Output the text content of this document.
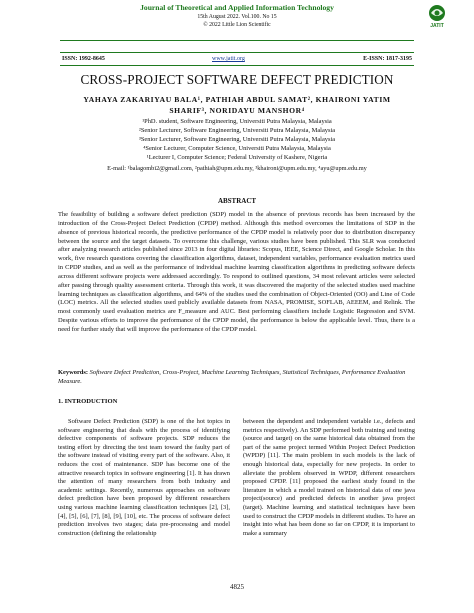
Journal of Theoretical and Applied Information Technology
15th August 2022. Vol.100. No 15
© 2022 Little Lion Scientific	JATIT
ISSN: 1992-8645	www.jatit.org	E-ISSN: 1817-3195
CROSS-PROJECT SOFTWARE DEFECT PREDICTION
YAHAYA ZAKARIYAU BALA¹, PATHIAH ABDUL SAMAT², KHAIRONI YATIM
SHARIF³, NORIDAYU MANSHOR⁴
¹PhD. student, Software Engineering, Universiti Putra Malaysia, Malaysia
²Senior Lecturer, Software Engineering, Universiti Putra Malaysia, Malaysia
³Senior Lecturer, Software Engineering, Universiti Putra Malaysia, Malaysia
⁴Senior Lecturer, Computer Science, Universiti Putra Malaysia, Malaysia
¹Lecturer I, Computer Science; Federal University of Kashere, Nigeria
E-mail: ¹balagombi2@gmail.com, ²pathiah@upm.edu.my, ³khaironi@upm.edu.my, ⁴ayu@upm.edu.my
ABSTRACT
The feasibility of building a software defect prediction (SDP) model in the absence of previous records has been increased by the introduction of the Cross-Project Defect Prediction (CPDP) method. Although this method overcomes the limitations of SDP in the absence of previous historical records, the predictive performance of the CPDP model is relatively poor due to distribution discrepancy between the source and the target datasets. To overcome this challenge, various studies have been published. This SLR was conducted after analyzing research articles published since 2013 in four digital libraries: Scopus, IEEE, Science Direct, and Google Scholar. In this work, five research questions covering the classification algorithms, dataset, independent variables, performance evaluation metrics used in CPDP studies, and as well as the performance of individual machine learning classification algorithms in predicting software defects across different software projects were addressed accordingly. To respond to outlined questions, 34 most relevant articles were selected after passing through quality assessment criteria. Through this work, it was discovered the majority of the selected studies used machine learning techniques as classification algorithms, and 64% of the studies used the combination of Object-Oriented (OO) and Line of Code (LOC) metrics. All the selected studies used publicly available datasets from NASA, PROMISE, SOFLAB, AEEEM, and Relink. The most commonly used evaluation metrics are F_measure and AUC. Best performing classifiers include Logistic Regression and SVM. Despite various efforts to improve the performance of the CPDP model, the performance is below the applicable level. Thus, there is a need for further study that will improve the performance of the CPDP model.
Keywords: Software Defect Prediction, Cross-Project, Machine Learning Techniques, Statistical Techniques, Performance Evaluation Measure.
1. INTRODUCTION
Software Defect Prediction (SDP) is one of the hot topics in software engineering that deals with the process of identifying defective components of software projects. SDP reduces the testing effort by directing the test team toward the faulty part of the software instead of visiting every part of the software. Also, it reduces the cost of maintenance. SDP has become one of the attractive research topics in software engineering [1]. It has drawn the attention of many researchers from both industry and academic settings. Recently, numerous approaches on software defect prediction have been proposed by different researchers using various machine learning classification techniques [2], [3], [4], [5], [6], [7], [8], [9], [10], etc. The process of software defect prediction involves two stages; data pre-processing and model construction (defining the relationship
between the dependent and independent variable i.e., defects and metrics respectively). An SDP performed both training and testing (source and target) on the same historical data obtained from the part of the same project termed Within Project Defect Prediction (WPDP) [11]. The main problem in such models is the lack of enough historical data, especially for new projects. In order to alleviate the problem observed in WPDP, different researchers proposed CPDP. [11] proposed the earliest study found in the literature in which a model trained on historical data of one java project(source) and predicted defects in another java project (target). Machine learning and statistical techniques have been used to construct the CPDP models in different studies. To have an insight into what has been done so far on CPDP, it is important to make a summary
4825
